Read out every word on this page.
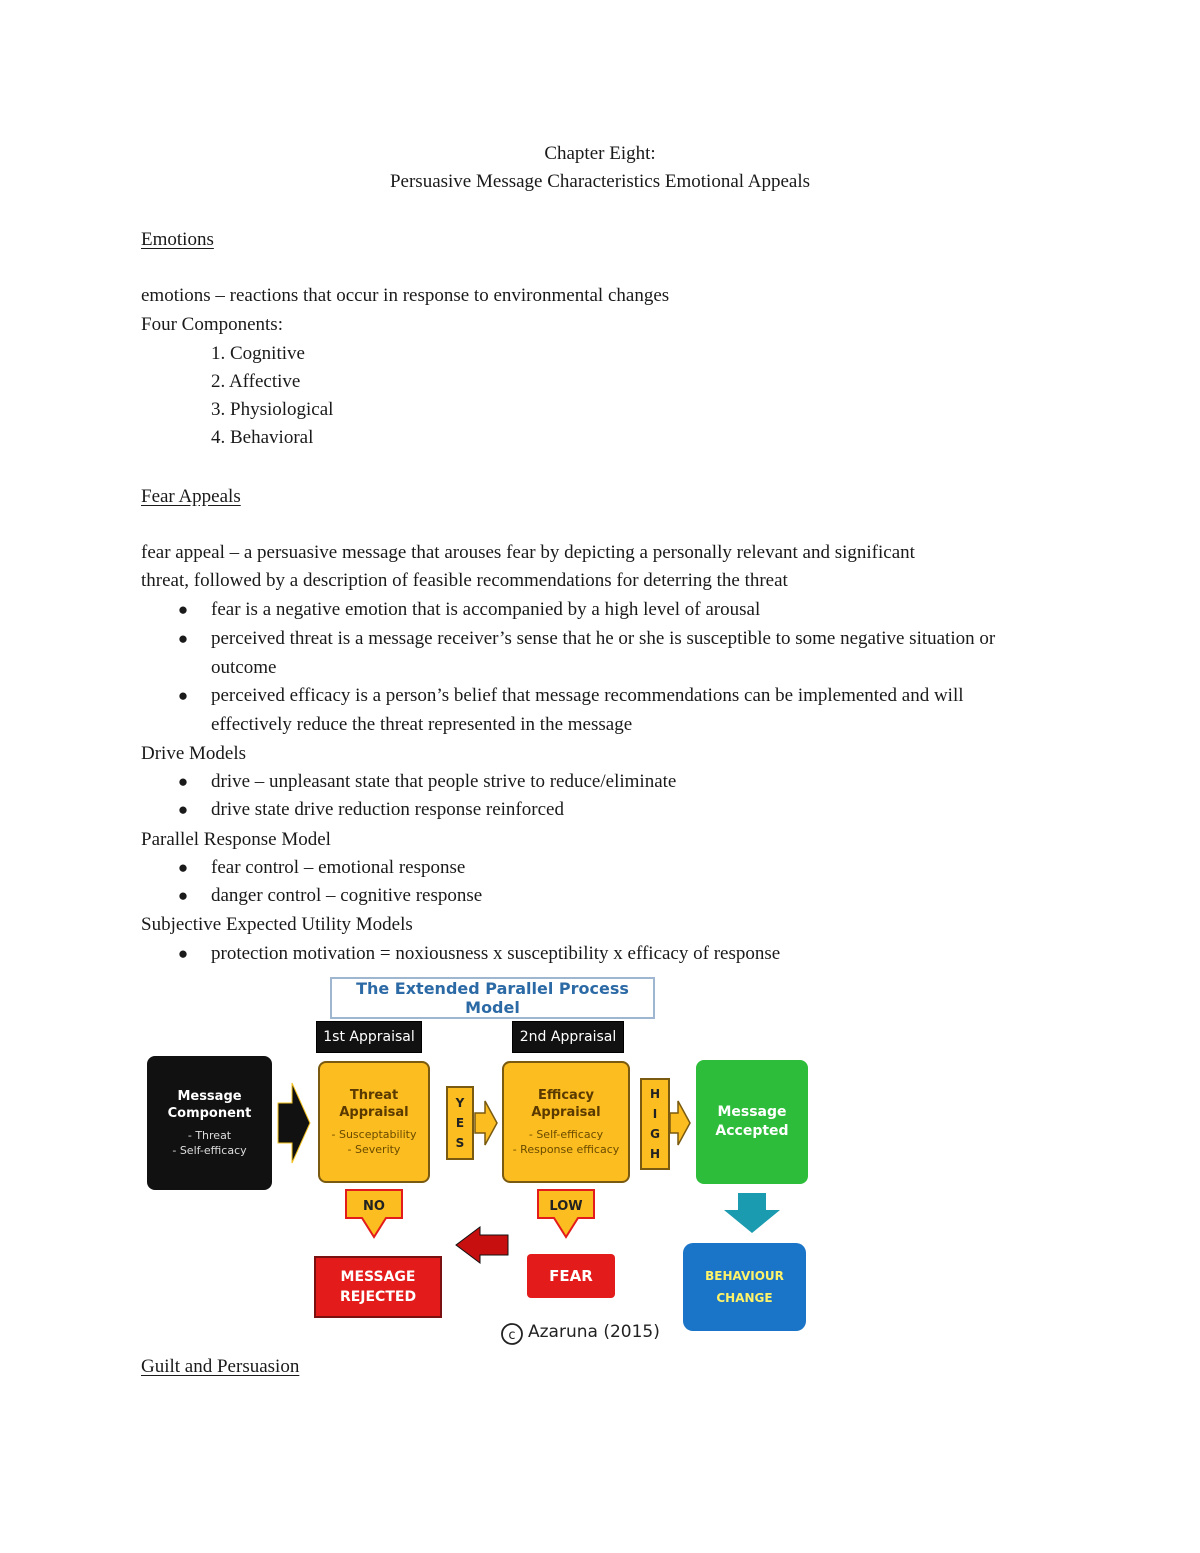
Chapter Eight:
Persuasive Message Characteristics Emotional Appeals
Emotions
emotions – reactions that occur in response to environmental changes
Four Components:
1. Cognitive
2. Affective
3. Physiological
4. Behavioral
Fear Appeals
fear appeal – a persuasive message that arouses fear by depicting a personally relevant and significant
threat, followed by a description of feasible recommendations for deterring the threat
● fear is a negative emotion that is accompanied by a high level of arousal
● perceived threat is a message receiver’s sense that he or she is susceptible to some negative situation or outcome
● perceived efficacy is a person’s belief that message recommendations can be implemented and will effectively reduce the threat represented in the message
Drive Models
● drive – unpleasant state that people strive to reduce/eliminate
● drive state drive reduction response reinforced
Parallel Response Model
● fear control – emotional response
● danger control – cognitive response
Subjective Expected Utility Models
● protection motivation = noxiousness x susceptibility x efficacy of response
c
The Extended Parallel Process Model
1st Appraisal	2nd Appraisal
Message
Component
- Threat
- Self-efficacy
Threat
Appraisal
- Susceptability
- Severity
Y
E
S
Efficacy
Appraisal
- Self-efficacy
- Response efficacy
H
I
G
H
Message
Accepted
NO	LOW
MESSAGE
REJECTED
FEAR	BEHAVIOUR
CHANGE
Azaruna (2015)
Guilt and Persuasion
